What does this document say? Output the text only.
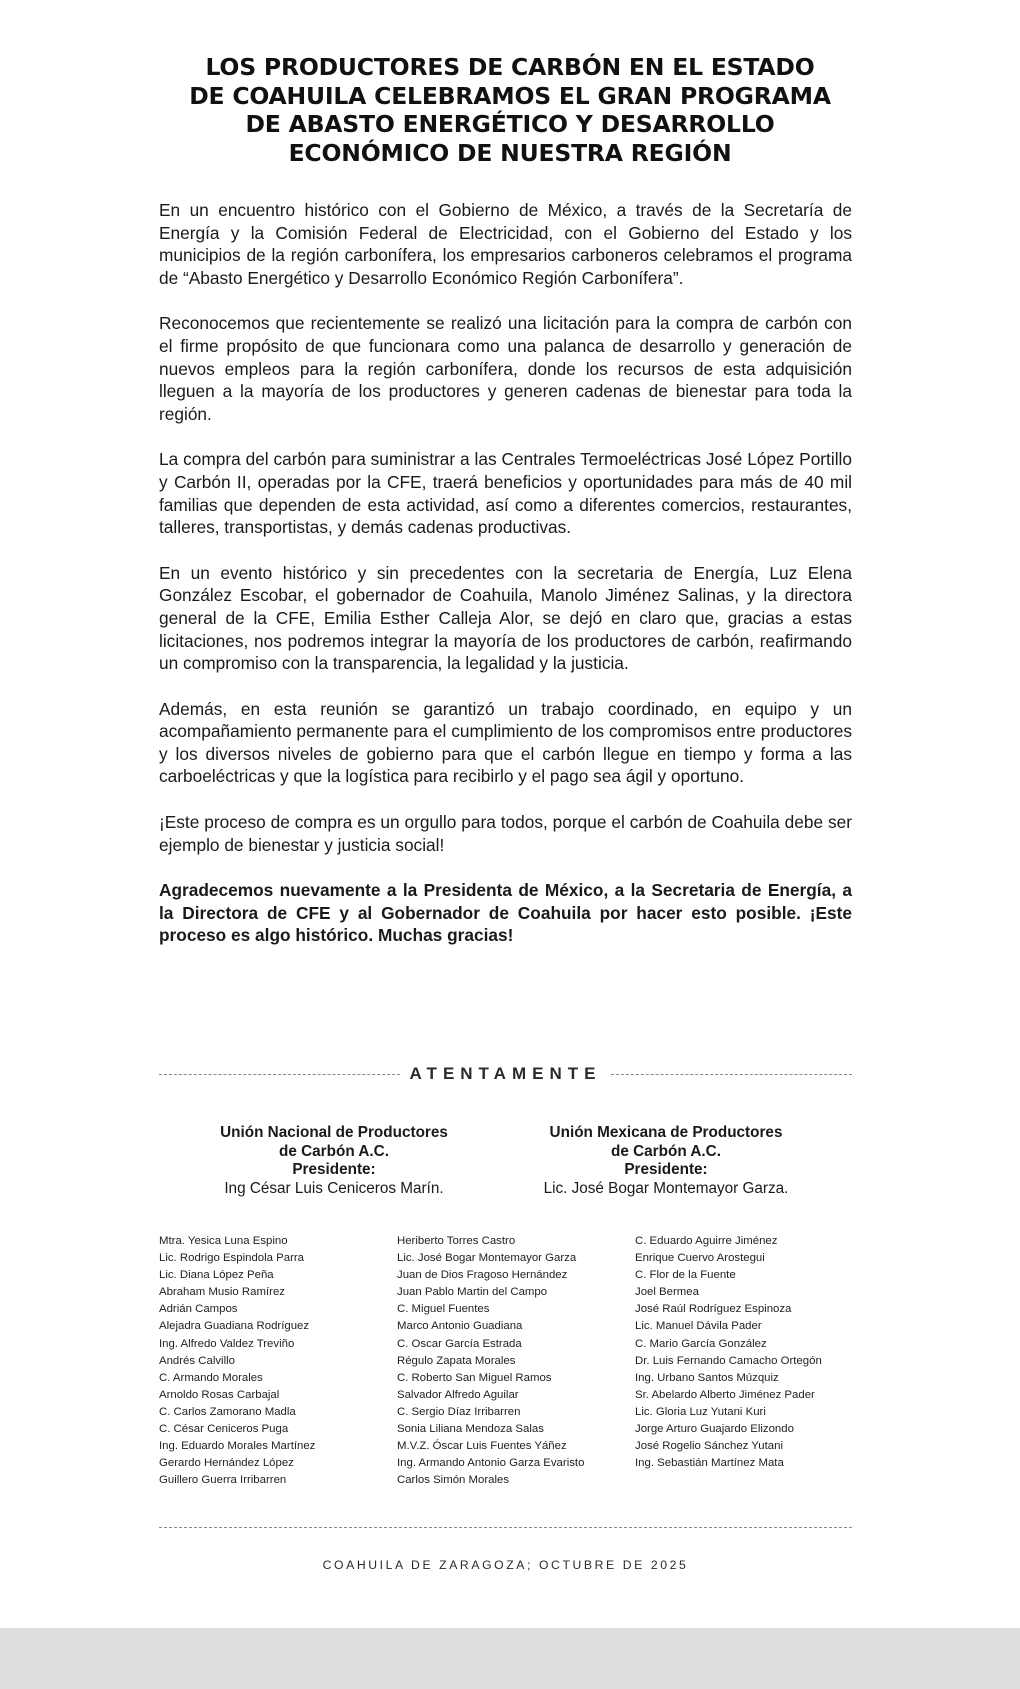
LOS PRODUCTORES DE CARBÓN EN EL ESTADO
DE COAHUILA CELEBRAMOS EL GRAN PROGRAMA
DE ABASTO ENERGÉTICO Y DESARROLLO
ECONÓMICO DE NUESTRA REGIÓN

En un encuentro histórico con el Gobierno de México, a través de la Secretaría de Energía y la Comisión Federal de Electricidad, con el Gobierno del Estado y los municipios de la región carbonífera, los empresarios carboneros celebramos el programa de “Abasto Energético y Desarrollo Económico Región Carbonífera”.

Reconocemos que recientemente se realizó una licitación para la compra de carbón con el firme propósito de que funcionara como una palanca de desarrollo y generación de nuevos empleos para la región carbonífera, donde los recursos de esta adquisición lleguen a la mayoría de los productores y generen cadenas de bienestar para toda la región.

La compra del carbón para suministrar a las Centrales Termoeléctricas José López Portillo y Carbón II, operadas por la CFE, traerá beneficios y oportunidades para más de 40 mil familias que dependen de esta actividad, así como a diferentes comercios, restaurantes, talleres, transportistas, y demás cadenas productivas.

En un evento histórico y sin precedentes con la secretaria de Energía, Luz Elena González Escobar, el gobernador de Coahuila, Manolo Jiménez Salinas, y la directora general de la CFE, Emilia Esther Calleja Alor, se dejó en claro que, gracias a estas licitaciones, nos podremos integrar la mayoría de los productores de carbón, reafirmando un compromiso con la transparencia, la legalidad y la justicia.

Además, en esta reunión se garantizó un trabajo coordinado, en equipo y un acompañamiento permanente para el cumplimiento de los compromisos entre productores y los diversos niveles de gobierno para que el carbón llegue en tiempo y forma a las carboeléctricas y que la logística para recibirlo y el pago sea ágil y oportuno.

¡Este proceso de compra es un orgullo para todos, porque el carbón de Coahuila debe ser ejemplo de bienestar y justicia social!

Agradecemos nuevamente a la Presidenta de México, a la Secretaria de Energía, a la Directora de CFE y al Gobernador de Coahuila por hacer esto posible. ¡Este proceso es algo histórico. Muchas gracias!

ATENTAMENTE
Unión Nacional de Productores
de Carbón A.C.
Presidente:
Ing César Luis Ceniceros Marín.
Unión Mexicana de Productores
de Carbón A.C.
Presidente:
Lic. José Bogar Montemayor Garza.
Mtra. Yesica Luna Espino
Lic. Rodrigo Espindola Parra
Lic. Diana López Peña
Abraham Musio Ramírez
Adrián Campos
Alejadra Guadiana Rodríguez
Ing. Alfredo Valdez Treviño
Andrés Calvillo
C. Armando Morales
Arnoldo Rosas Carbajal
C. Carlos Zamorano Madla
C. César Ceniceros Puga
Ing. Eduardo Morales Martínez
Gerardo Hernández López
Guillero Guerra Irribarren
Heriberto Torres Castro
Lic. José Bogar Montemayor Garza
Juan de Dios Fragoso Hernández
Juan Pablo Martin del Campo
C. Miguel Fuentes
Marco Antonio Guadiana
C. Oscar García Estrada
Régulo Zapata Morales
C. Roberto San Miguel Ramos
Salvador Alfredo Aguilar
C. Sergio Díaz Irribarren
Sonia Liliana Mendoza Salas
M.V.Z. Óscar Luis Fuentes Yáñez
Ing. Armando Antonio Garza Evaristo
Carlos Simón Morales
C. Eduardo Aguirre Jiménez
Enrique Cuervo Arostegui
C. Flor de la Fuente
Joel Bermea
José Raúl Rodríguez Espinoza
Lic. Manuel Dávila Pader
C. Mario García González
Dr. Luis Fernando Camacho Ortegón
Ing. Urbano Santos Múzquiz
Sr. Abelardo Alberto Jiménez Pader
Lic. Gloria Luz Yutani Kuri
Jorge Arturo Guajardo Elizondo
José Rogelio Sánchez Yutani
Ing. Sebastián Martínez Mata
COAHUILA DE ZARAGOZA; OCTUBRE DE 2025
